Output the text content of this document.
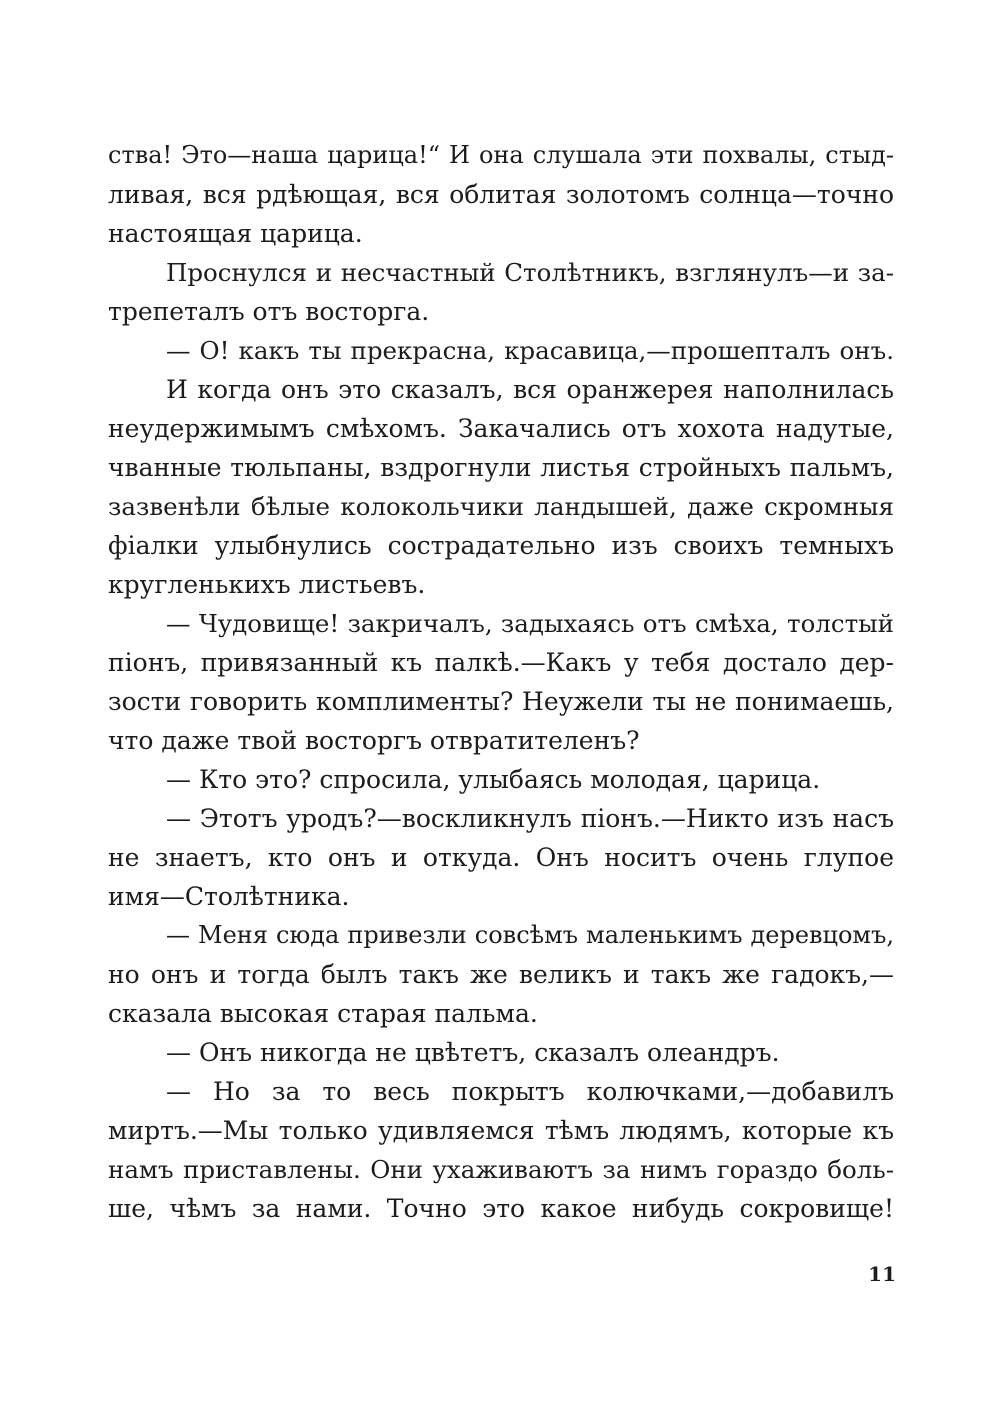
ства! Это—наша царица!“ И она слушала эти похвалы, стыд-
ливая, вся рдѣющая, вся облитая золотомъ солнца—точно
настоящая царица.
Проснулся и несчастный Столѣтникъ, взглянулъ—и за-
трепеталъ отъ восторга.
— О! какъ ты прекрасна, красавица,—прошепталъ онъ.
И когда онъ это сказалъ, вся оранжерея наполнилась
неудержимымъ смѣхомъ. Закачались отъ хохота надутые,
чванные тюльпаны, вздрогнули листья стройныхъ пальмъ,
зазвенѣли бѣлые колокольчики ландышей, даже скромныя
фіалки улыбнулись сострадательно изъ своихъ темныхъ
кругленькихъ листьевъ.
— Чудовище! закричалъ, задыхаясь отъ смѣха, толстый
піонъ, привязанный къ палкѣ.—Какъ у тебя достало дер-
зости говорить комплименты? Неужели ты не понимаешь,
что даже твой восторгъ отвратителенъ?
— Кто это? спросила, улыбаясь молодая, царица.
— Этотъ уродъ?—воскликнулъ піонъ.—Никто изъ насъ
не знаетъ, кто онъ и откуда. Онъ носитъ очень глупое
имя—Столѣтника.
— Меня сюда привезли совсѣмъ маленькимъ деревцомъ,
но онъ и тогда былъ такъ же великъ и такъ же гадокъ,—
сказала высокая старая пальма.
— Онъ никогда не цвѣтетъ, сказалъ олеандръ.
— Но за то весь покрытъ колючками,—добавилъ
миртъ.—Мы только удивляемся тѣмъ людямъ, которые къ
намъ приставлены. Они ухаживаютъ за нимъ гораздо боль-
ше, чѣмъ за нами. Точно это какое нибудь сокровище!
11
